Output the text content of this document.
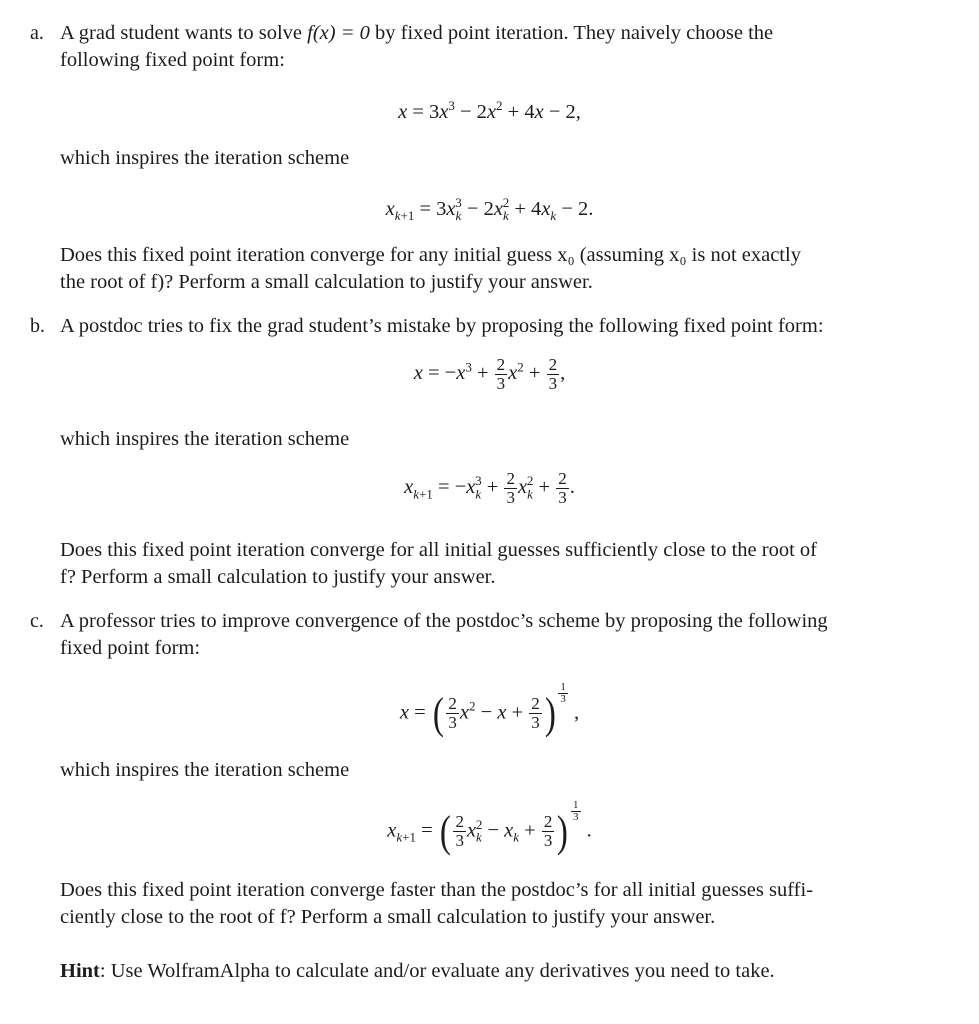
a. A grad student wants to solve f(x) = 0 by fixed point iteration. They naively choose the
following fixed point form:
$x = 3x^3 - 2x^2 + 4x - 2$,
which inspires the iteration scheme
$x_{k+1} = 3x_k^3 - 2x_k^2 + 4x_k - 2$.
Does this fixed point iteration converge for any initial guess x₀ (assuming x₀ is not exactly
the root of f)? Perform a small calculation to justify your answer.
b. A postdoc tries to fix the grad student’s mistake by proposing the following fixed point form:
$x = -x^3 + \frac{2}{3} x^2 + \frac{2}{3}$ ,
which inspires the iteration scheme
$x_{k+1} = -x_k^3 + \frac{2}{3} x_k^2 + \frac{2}{3}$ .
Does this fixed point iteration converge for all initial guesses sufficiently close to the root of
f? Perform a small calculation to justify your answer.
c. A professor tries to improve convergence of the postdoc’s scheme by proposing the following
fixed point form:
x = ( $\frac{2}{3} x^2 - x + \frac{2}{3}$ ) $^{\frac{1}{3}}$
,
which inspires the iteration scheme
$x_{k+1}$ = ( $\frac{2}{3} x_k^2 - x_k + \frac{2}{3}$ ) $^{\frac{1}{3}}$
.
Does this fixed point iteration converge faster than the postdoc’s for all initial guesses suffi-
ciently close to the root of f? Perform a small calculation to justify your answer.
Hint: Use WolframAlpha to calculate and/or evaluate any derivatives you need to take.
